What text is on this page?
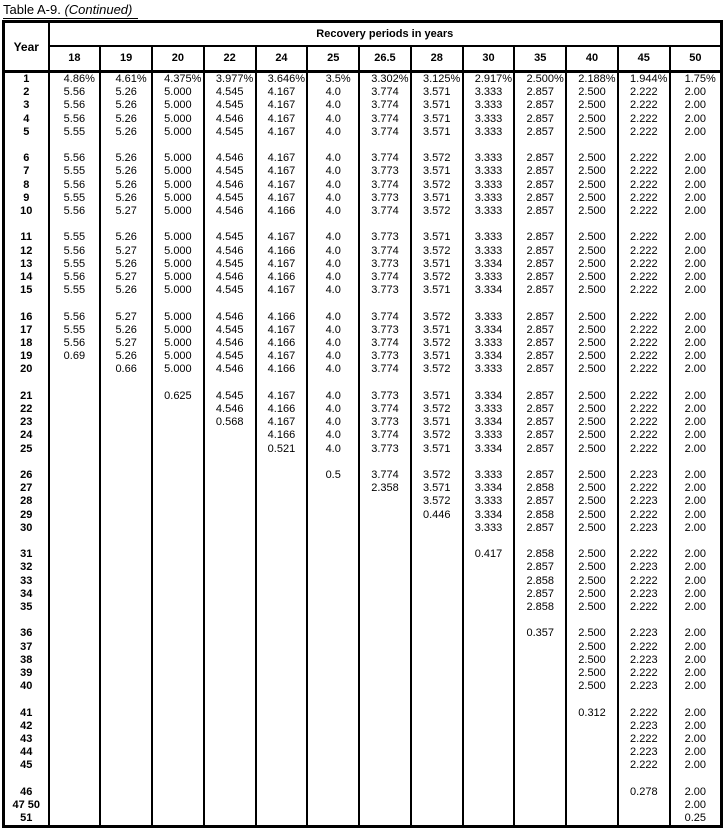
Table A-9. (Continued)
Year	Recovery periods in years												
	18	19	20	22	24	25	26.5	28	30	35	40	45	50
1	4.86%	4.61%	4.375%	3.977%	3.646%	3.5%	3.302%	3.125%	2.917%	2.500%	2.188%	1.944%	1.75%
2	5.56	5.26	5.000	4.545	4.167	4.0	3.774	3.571	3.333	2.857	2.500	2.222	2.00
3	5.56	5.26	5.000	4.545	4.167	4.0	3.774	3.571	3.333	2.857	2.500	2.222	2.00
4	5.56	5.26	5.000	4.546	4.167	4.0	3.774	3.571	3.333	2.857	2.500	2.222	2.00
5	5.55	5.26	5.000	4.545	4.167	4.0	3.774	3.571	3.333	2.857	2.500	2.222	2.00

6	5.56	5.26	5.000	4.546	4.167	4.0	3.774	3.572	3.333	2.857	2.500	2.222	2.00
7	5.55	5.26	5.000	4.545	4.167	4.0	3.773	3.571	3.333	2.857	2.500	2.222	2.00
8	5.56	5.26	5.000	4.546	4.167	4.0	3.774	3.572	3.333	2.857	2.500	2.222	2.00
9	5.55	5.26	5.000	4.545	4.167	4.0	3.773	3.571	3.333	2.857	2.500	2.222	2.00
10	5.56	5.27	5.000	4.546	4.166	4.0	3.774	3.572	3.333	2.857	2.500	2.222	2.00

11	5.55	5.26	5.000	4.545	4.167	4.0	3.773	3.571	3.333	2.857	2.500	2.222	2.00
12	5.56	5.27	5.000	4.546	4.166	4.0	3.774	3.572	3.333	2.857	2.500	2.222	2.00
13	5.55	5.26	5.000	4.545	4.167	4.0	3.773	3.571	3.334	2.857	2.500	2.222	2.00
14	5.56	5.27	5.000	4.546	4.166	4.0	3.774	3.572	3.333	2.857	2.500	2.222	2.00
15	5.55	5.26	5.000	4.545	4.167	4.0	3.773	3.571	3.334	2.857	2.500	2.222	2.00

16	5.56	5.27	5.000	4.546	4.166	4.0	3.774	3.572	3.333	2.857	2.500	2.222	2.00
17	5.55	5.26	5.000	4.545	4.167	4.0	3.773	3.571	3.334	2.857	2.500	2.222	2.00
18	5.56	5.27	5.000	4.546	4.166	4.0	3.774	3.572	3.333	2.857	2.500	2.222	2.00
19	0.69	5.26	5.000	4.545	4.167	4.0	3.773	3.571	3.334	2.857	2.500	2.222	2.00
20		0.66	5.000	4.546	4.166	4.0	3.774	3.572	3.333	2.857	2.500	2.222	2.00

21			0.625	4.545	4.167	4.0	3.773	3.571	3.334	2.857	2.500	2.222	2.00
22				4.546	4.166	4.0	3.774	3.572	3.333	2.857	2.500	2.222	2.00
23				0.568	4.167	4.0	3.773	3.571	3.334	2.857	2.500	2.222	2.00
24					4.166	4.0	3.774	3.572	3.333	2.857	2.500	2.222	2.00
25					0.521	4.0	3.773	3.571	3.334	2.857	2.500	2.222	2.00

26						0.5	3.774	3.572	3.333	2.857	2.500	2.223	2.00
27							2.358	3.571	3.334	2.858	2.500	2.222	2.00
28								3.572	3.333	2.857	2.500	2.223	2.00
29								0.446	3.334	2.858	2.500	2.222	2.00
30									3.333	2.857	2.500	2.223	2.00

31									0.417	2.858	2.500	2.222	2.00
32										2.857	2.500	2.223	2.00
33										2.858	2.500	2.222	2.00
34										2.857	2.500	2.223	2.00
35										2.858	2.500	2.222	2.00

36										0.357	2.500	2.223	2.00
37											2.500	2.222	2.00
38											2.500	2.223	2.00
39											2.500	2.222	2.00
40											2.500	2.223	2.00

41											0.312	2.222	2.00
42												2.223	2.00
43												2.222	2.00
44												2.223	2.00
45												2.222	2.00

46												0.278	2.00
47 50													2.00
51													0.25
